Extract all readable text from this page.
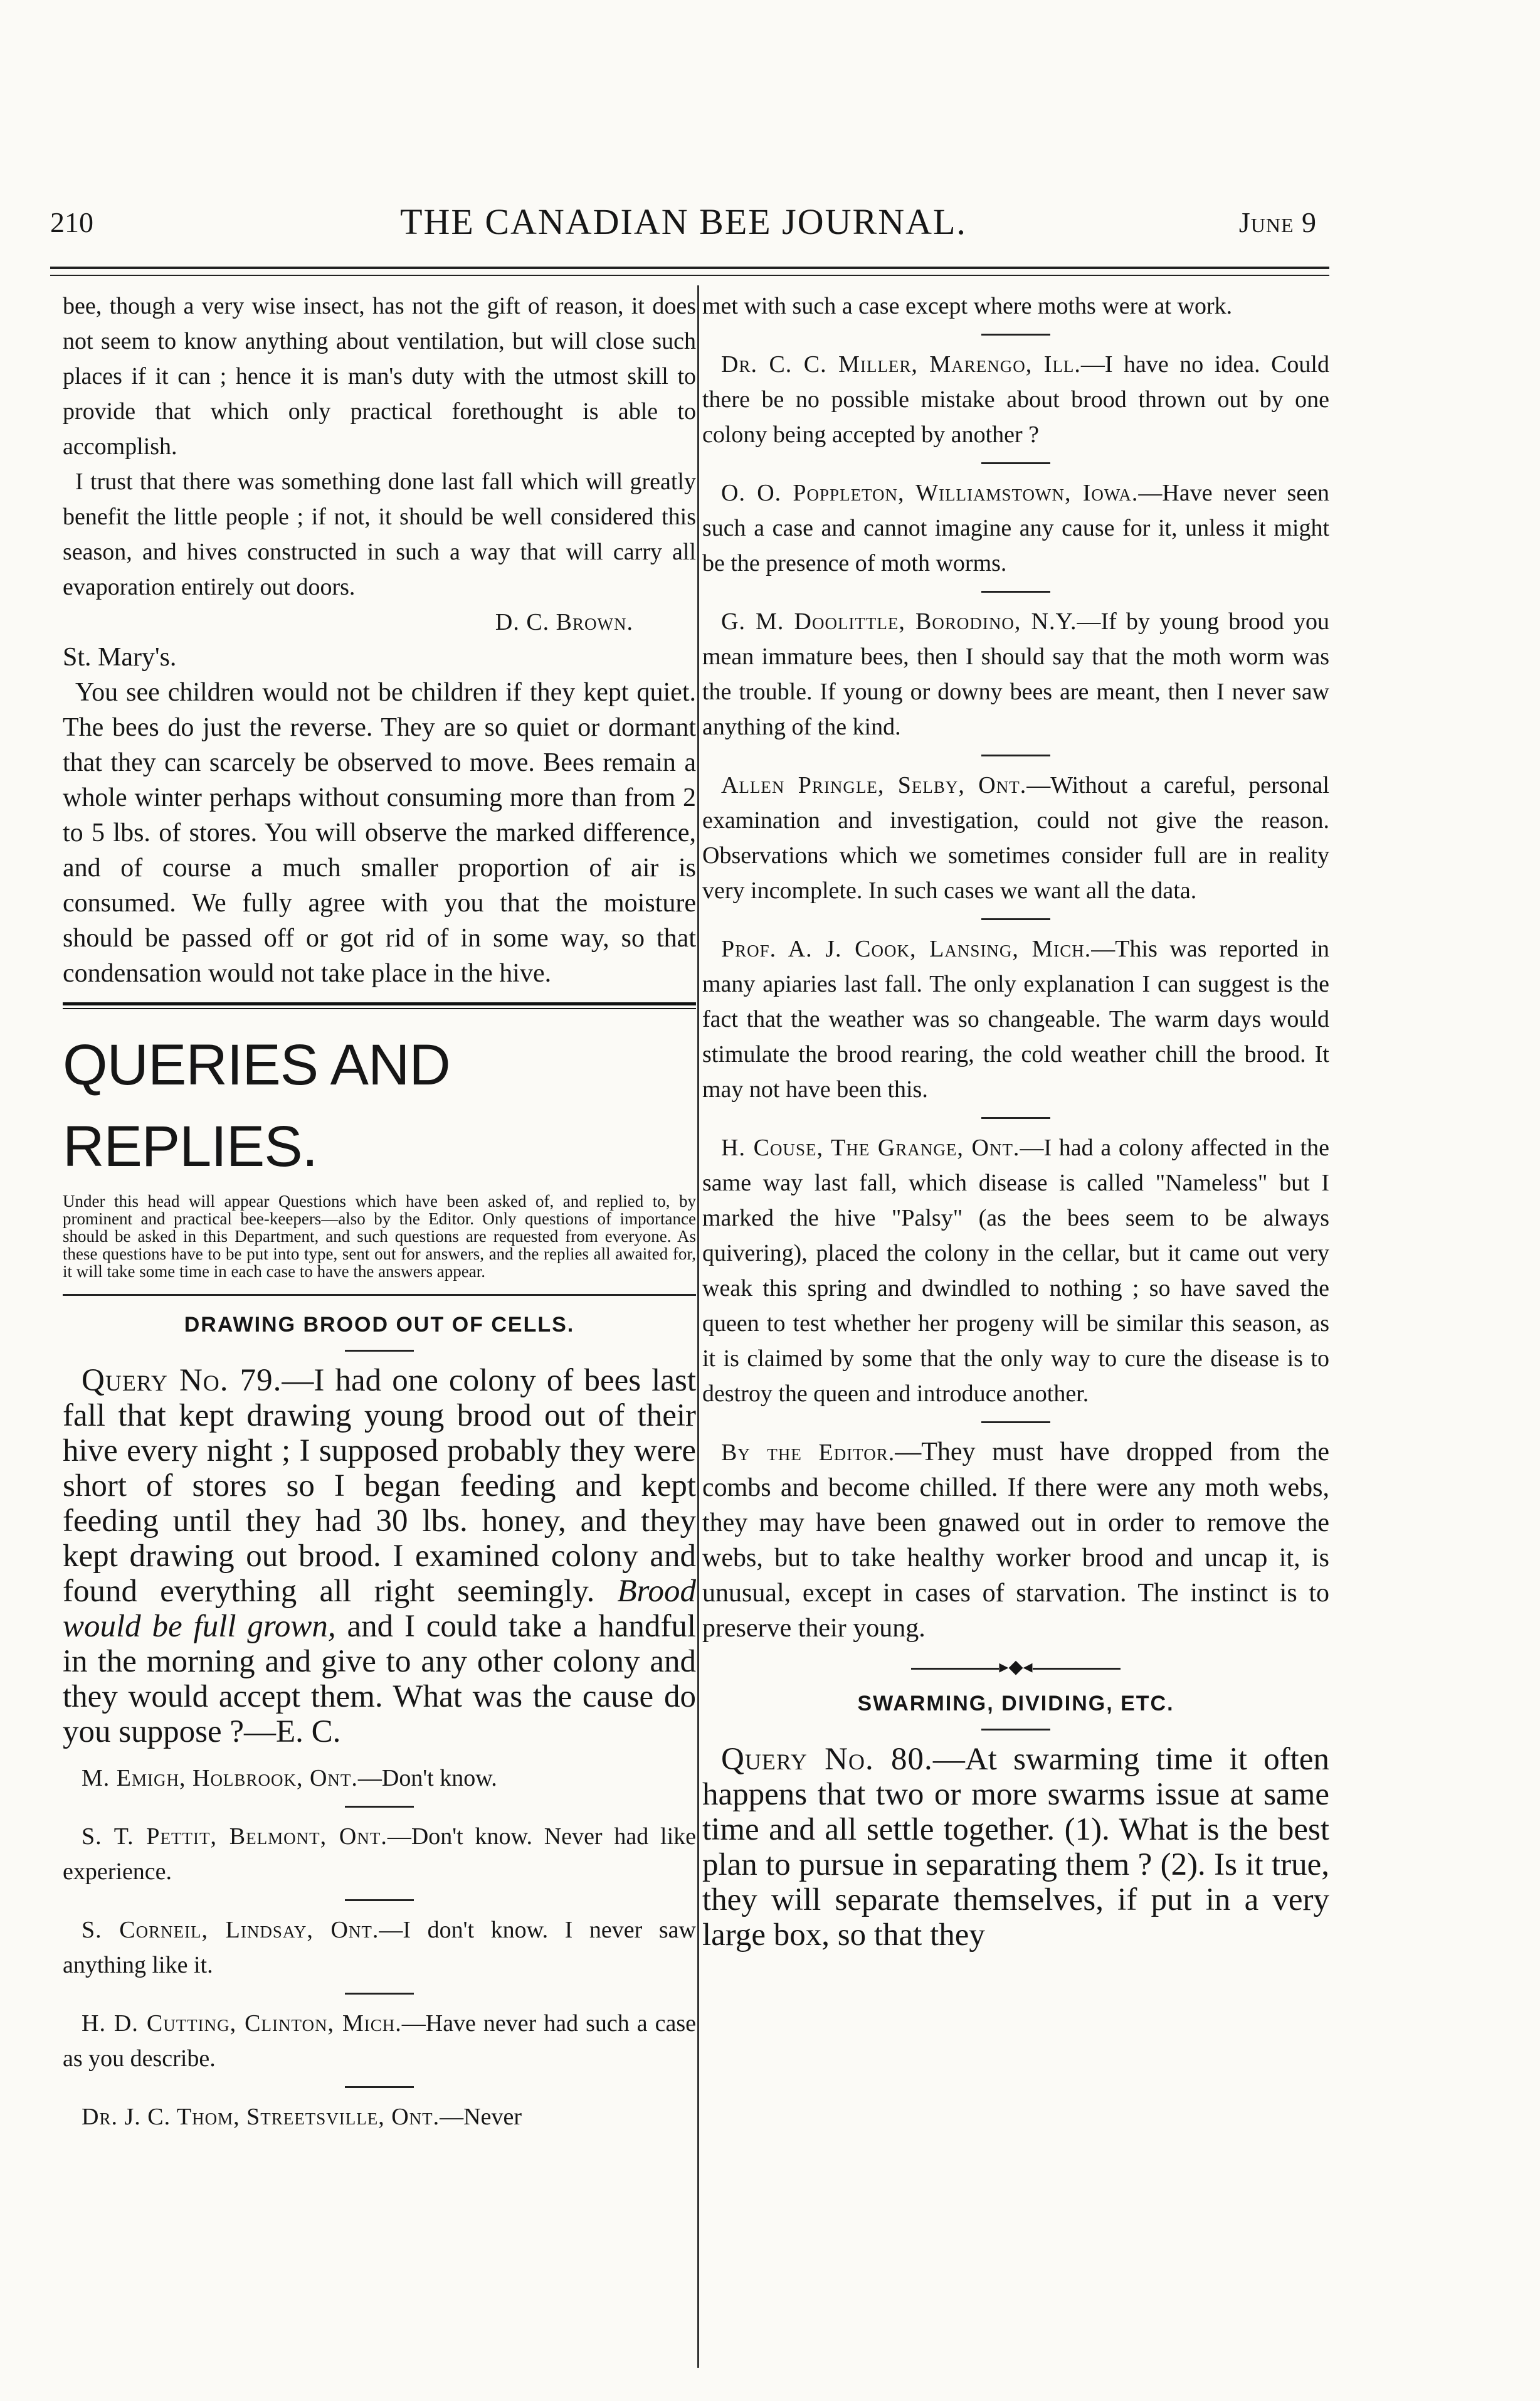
210	THE CANADIAN BEE JOURNAL.	June 9

bee, though a very wise insect, has not the gift of reason, it does not seem to know anything about ventilation, but will close such places if it can ; hence it is man's duty with the utmost skill to provide that which only practical forethought is able to accomplish.

I trust that there was something done last fall which will greatly benefit the little people ; if not, it should be well considered this season, and hives constructed in such a way that will carry all evaporation entirely out doors.

D. C. Brown.

St. Mary's.

You see children would not be children if they kept quiet. The bees do just the reverse. They are so quiet or dormant that they can scarcely be observed to move. Bees remain a whole winter perhaps without consuming more than from 2 to 5 lbs. of stores. You will observe the marked difference, and of course a much smaller proportion of air is consumed. We fully agree with you that the moisture should be passed off or got rid of in some way, so that condensation would not take place in the hive.

QUERIES AND REPLIES.
Under this head will appear Questions which have been asked of, and replied to, by prominent and practical bee-keepers—also by the Editor. Only questions of importance should be asked in this Department, and such questions are requested from everyone. As these questions have to be put into type, sent out for answers, and the replies all awaited for, it will take some time in each case to have the answers appear.
DRAWING BROOD OUT OF CELLS.

Query No. 79.—I had one colony of bees last fall that kept drawing young brood out of their hive every night ; I supposed probably they were short of stores so I began feeding and kept feeding until they had 30 lbs. honey, and they kept drawing out brood. I examined colony and found everything all right seemingly. Brood would be full grown, and I could take a handful in the morning and give to any other colony and they would accept them. What was the cause do you suppose ?—E. C.

M. Emigh, Holbrook, Ont.—Don't know.

S. T. Pettit, Belmont, Ont.—Don't know. Never had like experience.

S. Corneil, Lindsay, Ont.—I don't know. I never saw anything like it.

H. D. Cutting, Clinton, Mich.—Have never had such a case as you describe.

Dr. J. C. Thom, Streetsville, Ont.—Never

met with such a case except where moths were at work.

Dr. C. C. Miller, Marengo, Ill.—I have no idea. Could there be no possible mistake about brood thrown out by one colony being accepted by another ?

O. O. Poppleton, Williamstown, Iowa.—Have never seen such a case and cannot imagine any cause for it, unless it might be the presence of moth worms.

G. M. Doolittle, Borodino, N.Y.—If by young brood you mean immature bees, then I should say that the moth worm was the trouble. If young or downy bees are meant, then I never saw anything of the kind.

Allen Pringle, Selby, Ont.—Without a careful, personal examination and investigation, could not give the reason. Observations which we sometimes consider full are in reality very incomplete. In such cases we want all the data.

Prof. A. J. Cook, Lansing, Mich.—This was reported in many apiaries last fall. The only explanation I can suggest is the fact that the weather was so changeable. The warm days would stimulate the brood rearing, the cold weather chill the brood. It may not have been this.

H. Couse, The Grange, Ont.—I had a colony affected in the same way last fall, which disease is called "Nameless" but I marked the hive "Palsy" (as the bees seem to be always quivering), placed the colony in the cellar, but it came out very weak this spring and dwindled to nothing ; so have saved the queen to test whether her progeny will be similar this season, as it is claimed by some that the only way to cure the disease is to destroy the queen and introduce another.

By the Editor.—They must have dropped from the combs and become chilled. If there were any moth webs, they may have been gnawed out in order to remove the webs, but to take healthy worker brood and uncap it, is unusual, except in cases of starvation. The instinct is to preserve their young.

▸◆◂
SWARMING, DIVIDING, ETC.

Query No. 80.—At swarming time it often happens that two or more swarms issue at same time and all settle together. (1). What is the best plan to pursue in separating them ? (2). Is it true, they will separate themselves, if put in a very large box, so that they
